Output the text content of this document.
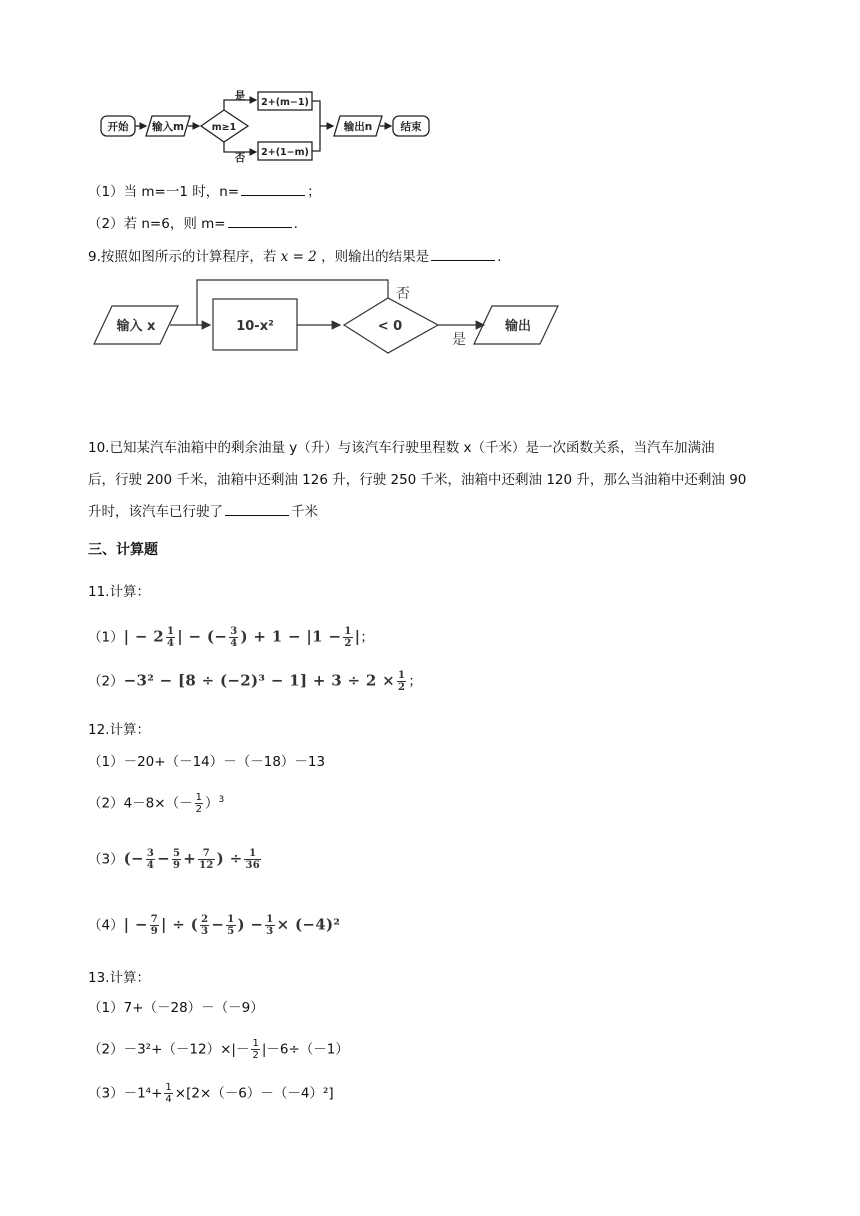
开始 输入m	m≥1
是
否
2+(m−1)
2+(1−m)
输出n	结束
（1）当 m=一1 时，n=	；
（2）若 n=6，则 m=	.
9.按照如图所示的计算程序，若 x = 2 ，则输出的结果是	.
输入 x	10-x²	< 0
否
是
输出
10.已知某汽车油箱中的剩余油量 y（升）与该汽车行驶里程数 x（千米）是一次函数关系，当汽车加满油
后，行驶 200 千米，油箱中还剩油 126 升，行驶 250 千米，油箱中还剩油 120 升，那么当油箱中还剩油 90
升时，该汽车已行驶了	千米
三、计算题
11.计算：
$(1)| - 2 \frac{1}{4}$ | − (− $\frac{3}{4}$ ) + $1 - |1 - \frac{1}{2}$ |；
$(2)-3^2 - [8 \div (-2)^3 - 1] + 3 \div 2 \times \frac{1}{2}$ ；
12.计算：
（1）－20+（－14）－（－18）－13
$(2)4-8\times(- \frac{1}{2} )^3$
$(3)(- \frac{3}{4} - \frac{5}{9} + \frac{7}{12}$ ) ÷ $\frac{1}{36}$
$(4)| - \frac{7}{9}$ | ÷ ( $\frac{2}{3} - \frac{1}{5}$ ) − $\frac{1}{3} \times (-4)^2$
13.计算：
（1）7+（－28）－（－9）
$(2)-3^2+(-12)\times|- \frac{1}{2} |-6\div(-1)$
$(3)-1^4+ \frac{1}{4} \times[2\times(-6)-(-4)^2]$
